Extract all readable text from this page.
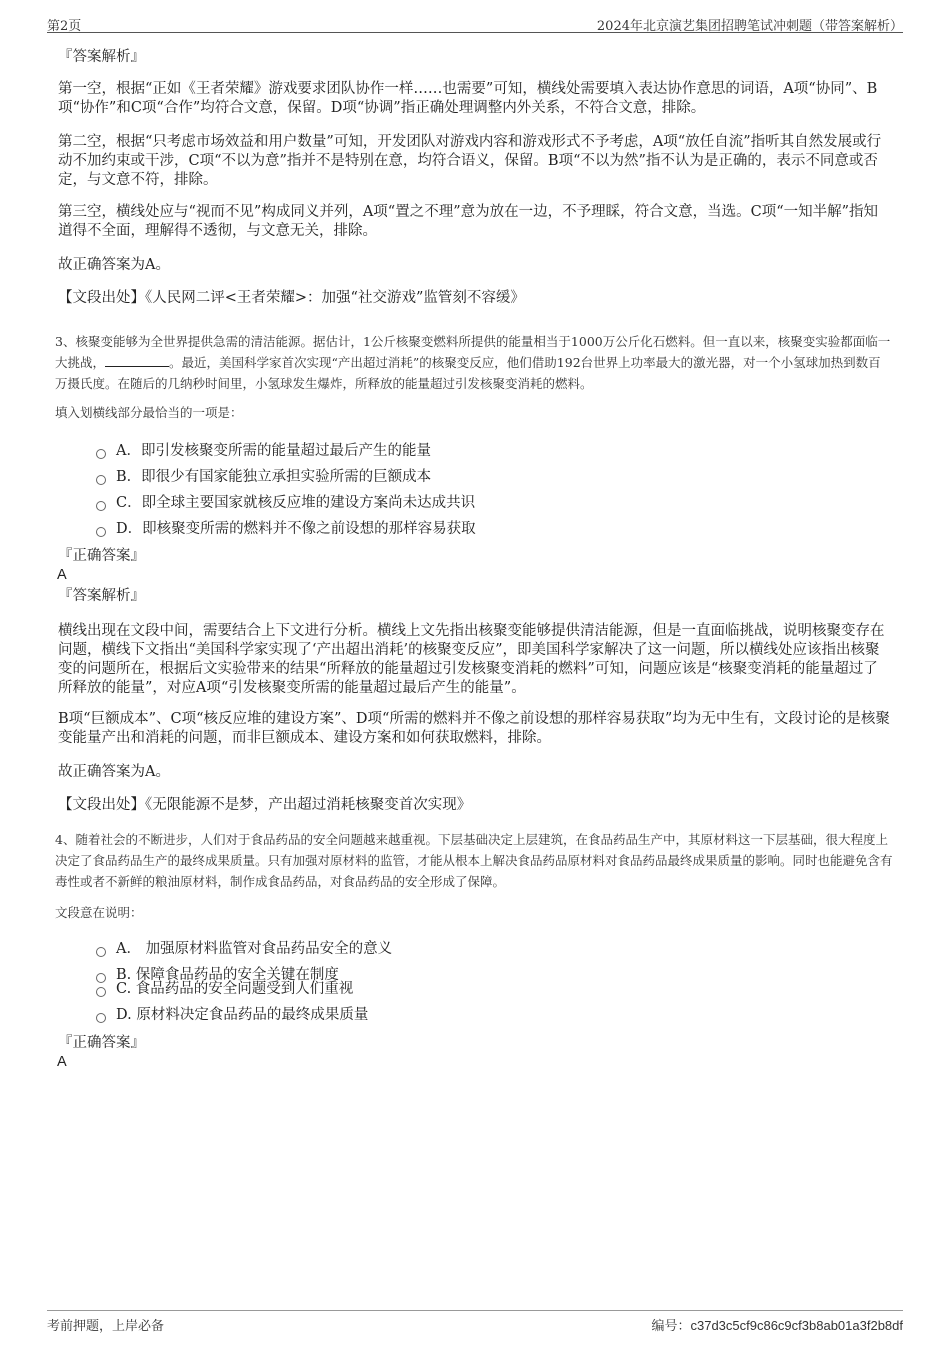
第2页	2024年北京演艺集团招聘笔试冲刺题（带答案解析）
『答案解析』
第一空，根据“正如《王者荣耀》游戏要求团队协作一样……也需要”可知，横线处需要填入表达协作意思的词语，A项“协同”、B项“协作”和C项“合作”均符合文意，保留。D项“协调”指正确处理调整内外关系，不符合文意，排除。
第二空，根据“只考虑市场效益和用户数量”可知，开发团队对游戏内容和游戏形式不予考虑，A项“放任自流”指听其自然发展或行动不加约束或干涉，C项“不以为意”指并不是特别在意，均符合语义，保留。B项“不以为然”指不认为是正确的，表示不同意或否定，与文意不符，排除。
第三空，横线处应与“视而不见”构成同义并列，A项“置之不理”意为放在一边，不予理睬，符合文意，当选。C项“一知半解”指知道得不全面，理解得不透彻，与文意无关，排除。
故正确答案为A。
【文段出处】《人民网二评<王者荣耀>：加强“社交游戏”监管刻不容缓》
3、核聚变能够为全世界提供急需的清洁能源。据估计，1公斤核聚变燃料所提供的能量相当于1000万公斤化石燃料。但一直以来，核聚变实验都面临一大挑战，	。最近，美国科学家首次实现“产出超过消耗”的核聚变反应，他们借助192台世界上功率最大的激光器，对一个小氢球加热到数百万摄氏度。在随后的几纳秒时间里，小氢球发生爆炸，所释放的能量超过引发核聚变消耗的燃料。
填入划横线部分最恰当的一项是：
A．即引发核聚变所需的能量超过最后产生的能量
B．即很少有国家能独立承担实验所需的巨额成本
C．即全球主要国家就核反应堆的建设方案尚未达成共识
D．即核聚变所需的燃料并不像之前设想的那样容易获取
『正确答案』
A
『答案解析』
横线出现在文段中间，需要结合上下文进行分析。横线上文先指出核聚变能够提供清洁能源，但是一直面临挑战，说明核聚变存在问题，横线下文指出“美国科学家实现了‘产出超出消耗’的核聚变反应”，即美国科学家解决了这一问题，所以横线处应该指出核聚变的问题所在，根据后文实验带来的结果“所释放的能量超过引发核聚变消耗的燃料”可知，问题应该是“核聚变消耗的能量超过了所释放的能量”，对应A项“引发核聚变所需的能量超过最后产生的能量”。
B项“巨额成本”、C项“核反应堆的建设方案”、D项“所需的燃料并不像之前设想的那样容易获取”均为无中生有，文段讨论的是核聚变能量产出和消耗的问题，而非巨额成本、建设方案和如何获取燃料，排除。
故正确答案为A。
【文段出处】《无限能源不是梦，产出超过消耗核聚变首次实现》
4、随着社会的不断进步，人们对于食品药品的安全问题越来越重视。下层基础决定上层建筑，在食品药品生产中，其原材料这一下层基础，很大程度上决定了食品药品生产的最终成果质量。只有加强对原材料的监管，才能从根本上解决食品药品原材料对食品药品最终成果质量的影响。同时也能避免含有毒性或者不新鲜的粮油原材料，制作成食品药品，对食品药品的安全形成了保障。
文段意在说明：
A． 加强原材料监管对食品药品安全的意义
B. 保障食品药品的安全关键在制度
C. 食品药品的安全问题受到人们重视
D. 原材料决定食品药品的最终成果质量
『正确答案』
A
考前押题，上岸必备	编号：c37d3c5cf9c86c9cf3b8ab01a3f2b8df
